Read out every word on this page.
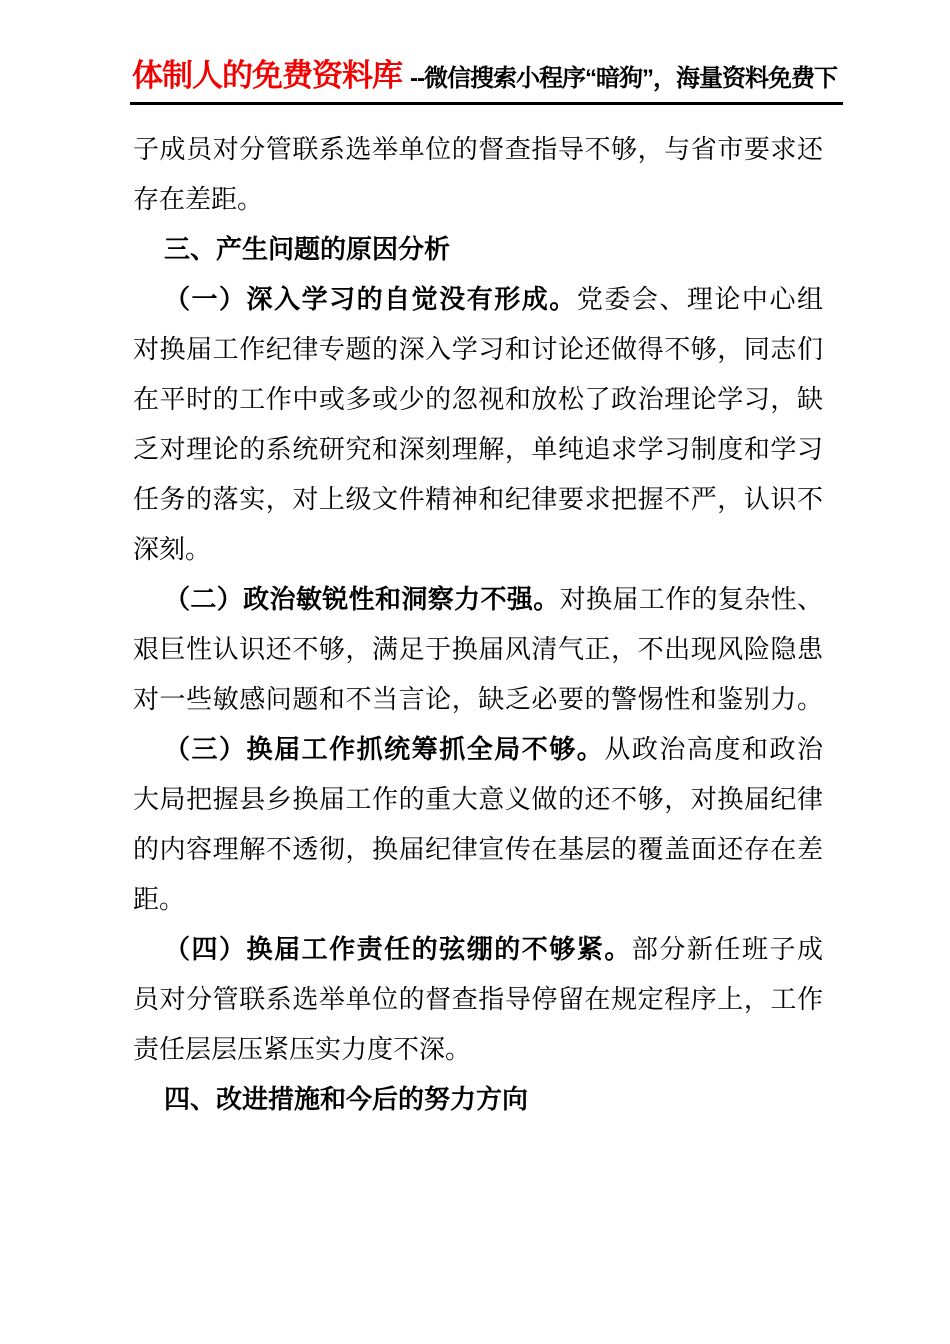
体制人的免费资料库 --微信搜索小程序“暗狗”，海量资料免费下
子成员对分管联系选举单位的督查指导不够，与省市要求还
存在差距。
三、产生问题的原因分析
（一）深入学习的自觉没有形成。党委会、理论中心组
对换届工作纪律专题的深入学习和讨论还做得不够，同志们
在平时的工作中或多或少的忽视和放松了政治理论学习，缺
乏对理论的系统研究和深刻理解，单纯追求学习制度和学习
任务的落实，对上级文件精神和纪律要求把握不严，认识不
深刻。
（二）政治敏锐性和洞察力不强。对换届工作的复杂性、
艰巨性认识还不够，满足于换届风清气正，不出现风险隐患
对一些敏感问题和不当言论，缺乏必要的警惕性和鉴别力。
（三）换届工作抓统筹抓全局不够。从政治高度和政治
大局把握县乡换届工作的重大意义做的还不够，对换届纪律
的内容理解不透彻，换届纪律宣传在基层的覆盖面还存在差
距。
（四）换届工作责任的弦绷的不够紧。部分新任班子成
员对分管联系选举单位的督查指导停留在规定程序上，工作
责任层层压紧压实力度不深。
四、改进措施和今后的努力方向
